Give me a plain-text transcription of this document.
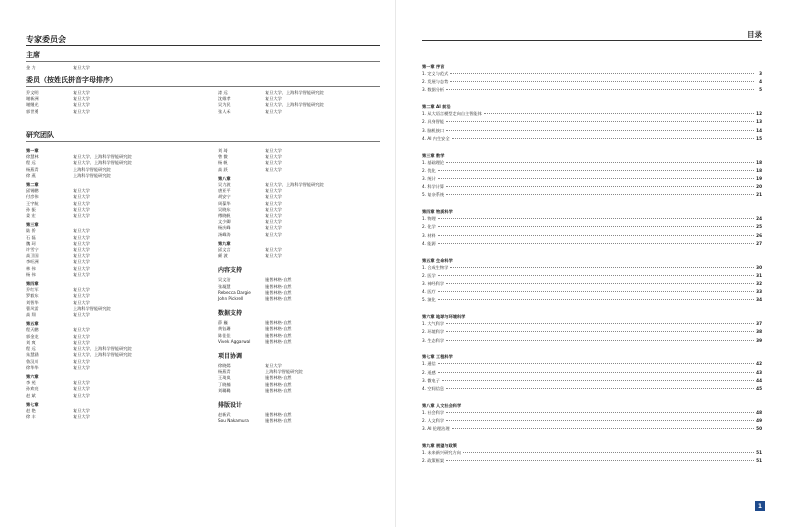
专家委员会
主席
金 力	复旦大学
委员（按姓氏拼音字母排序）
乔文明	复旦大学
谢新洲	复旦大学
谢继光	复旦大学
郭世勇	复旦大学
漆 远	复旦大学、上海科学智能研究院
沈維孝	复旦大学
吴为民	复旦大学、上海科学智能研究院
张人禾	复旦大学
研究团队
第一章
徐慧林	复旦大学、上海科学智能研究院
程 远	复旦大学、上海科学智能研究院
杨燕青	上海科学智能研究院
徐 燕	上海科学智能研究院
第二章
邱锡鹏	复旦大学
付彦伟	复旦大学
王宇航	复旦大学
孙 振	复旦大学
姜 宏	复旦大学
第三章
陆 侨	复旦大学
石 磊	复旦大学
魏 珂	复旦大学
许雪宁	复旦大学
高卫国	复旦大学
李旺洲	复旦大学
林 伟	复旦大学
杨 伟	复旦大学
第四章
乔红军	复旦大学
罗毅东	复旦大学
刘智华	复旦大学
曹风雷	上海科学智能研究院
高 翔	复旦大学
第五章
程天鹏	复旦大学
郭金龙	复旦大学
刘 爽	复旦大学
程 远	复旦大学、上海科学智能研究院
朱慧涵	复旦大学、上海科学智能研究院
鲁汉川	复旦大学
徐华华	复旦大学
第六章
李 苑	复旦大学
孙欢亮	复旦大学
赵 斌	复旦大学
第七章
赵 艳	复旦大学
徐 丰	复旦大学
刘 琦	复旦大学
曾 微	复旦大学
杨 帆	复旦大学
高 跃	复旦大学
第八章
吴力波	复旦大学、上海科学智能研究院
唐亚平	复旦大学
胡安宁	复旦大学
周葆华	复旦大学
吴晓东	复旦大学
傅晓帆	复旦大学
文少卿	复旦大学
杨庆峰	复旦大学
汤峰涛	复旦大学
第九章
邱文言	复旦大学
颜 波	复旦大学
内容支持
吴文洁	施普林格·自然
张凝慧	施普林格·自然
Rebecca Dargie	施普林格·自然
John Pickrell	施普林格·自然
数据支持
薛 巍	施普林格·自然
黄钰珊	施普林格·自然
陈佳佳	施普林格·自然
Vivek Aggarwal	施普林格·自然
项目协调
徐晓嫣	复旦大学
杨燕青	上海科学智能研究院
王琦岚	施普林格·自然
丁晓楠	施普林格·自然
刘璐璐	施普林格·自然
排版设计
赵新武	施普林格·自然
Sou Nakamura	施普林格·自然
目录
第一章 序言
1. 定义与范式	3
2. 发展与态势	4
3. 数据分析	5
第二章 AI 前沿
1. 从大语言模型走向自主智能体	12
2. 具身智能	13
3. 脑机接口	14
4. AI 内生安全	15
第三章 数学
1. 基础理论	18
2. 优化	18
3. 统计	19
4. 科学计算	20
5. 复杂系统	21
第四章 物质科学
1. 物理	24
2. 化学	25
3. 材料	26
4. 能源	27
第五章 生命科学
1. 合成生物学	30
2. 医学	31
3. 神经科学	32
4. 医疗	33
5. 演化	34
第六章 地球与环境科学
1. 大气科学	37
2. 环境科学	38
3. 生态科学	39
第七章 工程科学
1. 通信	42
2. 遥感	43
3. 微电子	44
4. 空间信息	45
第八章 人文社会科学
1. 社会科学	48
2. 人文科学	49
3. AI 伦理治理	50
第九章 展望与政策
1. 未来新兴研究方向	51
2. 政策框架	51
1
